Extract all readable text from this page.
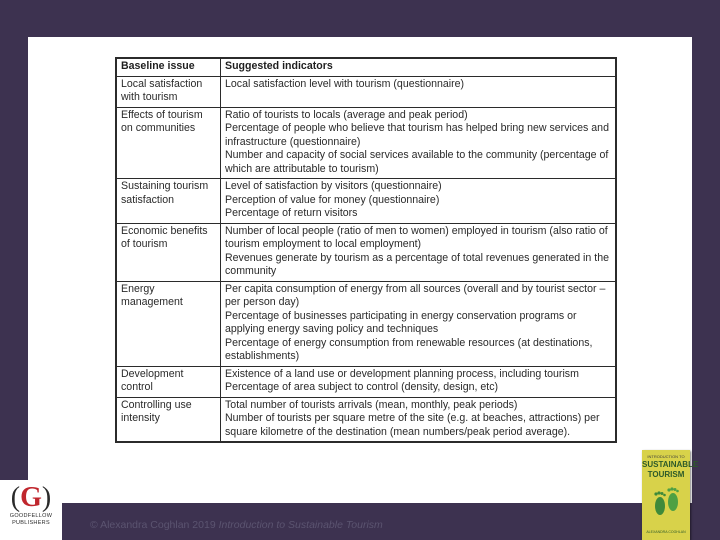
Baseline issue	Suggested indicators
Local satisfaction with tourism	Local satisfaction level with tourism (questionnaire)

Effects of tourism on communities	Ratio of tourists to locals (average and peak period)
Percentage of people who believe that tourism has helped bring new services and infrastructure (questionnaire)
Number and capacity of social services available to the community (percentage of which are attributable to tourism)

Sustaining tourism satisfaction	Level of satisfaction by visitors (questionnaire)
Perception of value for money (questionnaire)
Percentage of return visitors

Economic benefits of tourism	Number of local people (ratio of men to women) employed in tourism (also ratio of tourism employment to local employment)
Revenues generate by tourism as a percentage of total revenues generated in the community

Energy management	Per capita consumption of energy from all sources (overall and by tourist sector – per person day)
Percentage of businesses participating in energy conservation programs or applying energy saving policy and techniques
Percentage of energy consumption from renewable resources (at destinations, establishments)

Development control	Existence of a land use or development planning process, including tourism
Percentage of area subject to control (density, design, etc)

Controlling use intensity	Total number of tourists arrivals (mean, monthly, peak periods)
Number of tourists per square metre of the site (e.g. at beaches, attractions) per square kilometre of the destination (mean numbers/peak period average).
(G)
GOODFELLOW
PUBLISHERS	© Alexandra Coghlan 2019 Introduction to Sustainable Tourism
INTRODUCTION TO
SUSTAINABLE
TOURISM
ALEXANDRA COGHLAN
